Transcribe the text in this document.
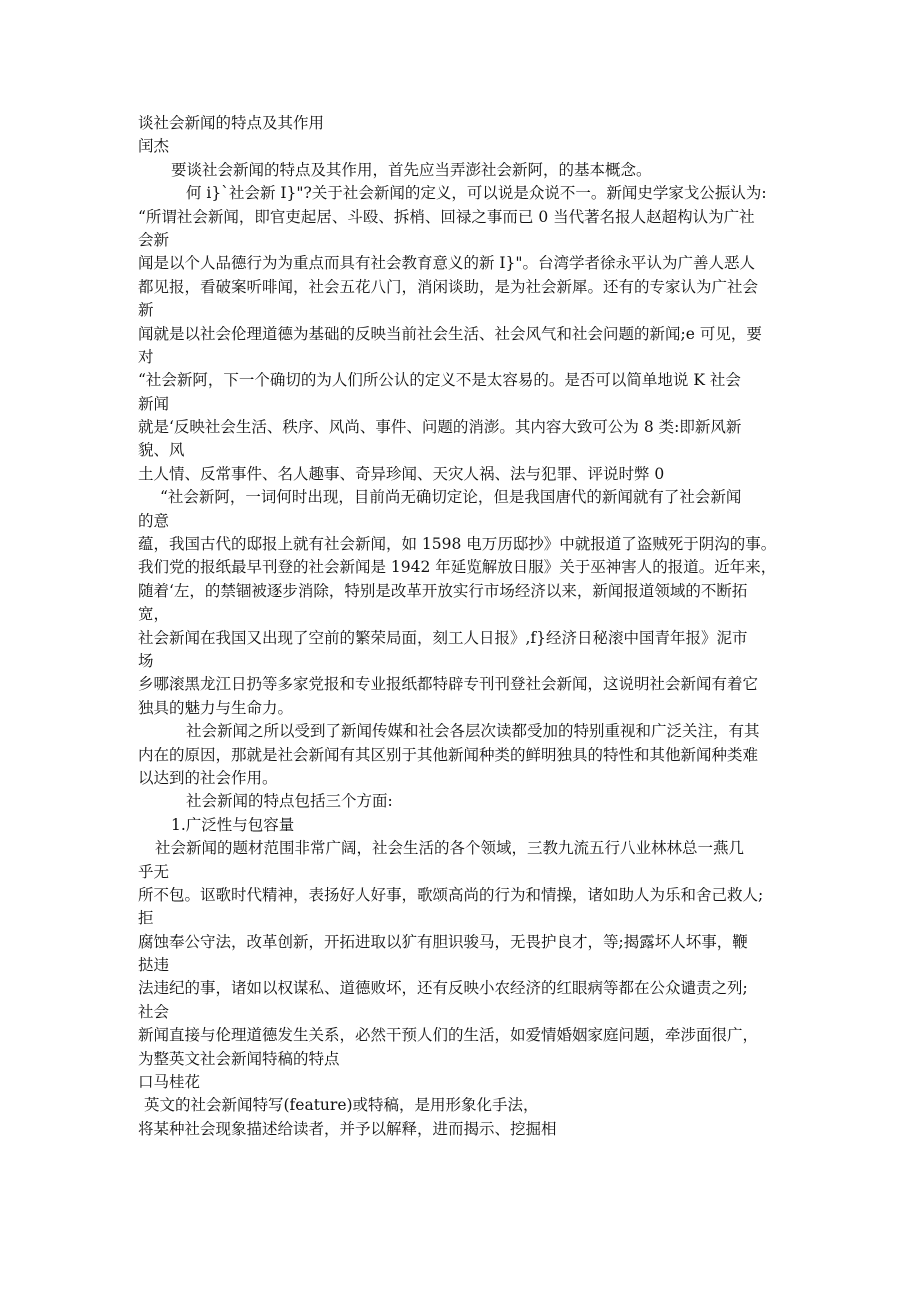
谈社会新闻的特点及其作用
闰杰
要谈社会新闻的特点及其作用，首先应当弄澎社会新阿，的基本概念。
何 i}`社会新 I}"?关于社会新闻的定义，可以说是众说不一。新闻史学家戈公振认为:
“所谓社会新闻，即官吏起居、斗殴、拆梢、回禄之事而已 0 当代著名报人赵超构认为广社
会新
闻是以个人品德行为为重点而具有社会教育意义的新 I}"。台湾学者徐永平认为广善人恶人
都见报，看破案听啡闻，社会五花八门，消闲谈助，是为社会新犀。还有的专家认为广社会
新
闻就是以社会伦理道德为基础的反映当前社会生活、社会风气和社会问题的新闻;e 可见，要
对
“社会新阿，下一个确切的为人们所公认的定义不是太容易的。是否可以简单地说 K 社会
新闻
就是‘反映社会生活、秩序、风尚、事件、问题的消澎。其内容大致可公为 8 类:即新风新
貌、风
土人情、反常事件、名人趣事、奇异珍闻、天灾人祸、法与犯罪、评说时弊 0
“社会新阿，一词何时出现，目前尚无确切定论，但是我国唐代的新闻就有了社会新闻
的意
蕴，我国古代的邸报上就有社会新闻，如 1598 电万历邸抄》中就报道了盗贼死于阴沟的事。
我们党的报纸最早刊登的社会新闻是 1942 年延览解放日服》关于巫神害人的报道。近年来，
随着‘左，的禁锢被逐步消除，特别是改革开放实行市场经济以来，新闻报道领域的不断拓
宽，
社会新闻在我国又出现了空前的繁荣局面，刻工人日报》,f}经济日秘滚中国青年报》泥市
场
乡哪滚黑龙江日扔等多家党报和专业报纸都特辟专刊刊登社会新闻，这说明社会新闻有着它
独具的魅力与生命力。
社会新闻之所以受到了新闻传媒和社会各层次读都受加的特别重视和广泛关注，有其
内在的原因，那就是社会新闻有其区别于其他新闻种类的鲜明独具的特性和其他新闻种类难
以达到的社会作用。
社会新闻的特点包括三个方面:
1.广泛性与包容量
社会新闻的题材范围非常广阔，社会生活的各个领域，三教九流五行八业林林总一燕几
乎无
所不包。讴歌时代精神，表扬好人好事，歌颂高尚的行为和情操，诸如助人为乐和舍己救人;
拒
腐蚀奉公守法，改革创新，开拓进取以犷有胆识骏马，无畏护良才，等;揭露坏人坏事，鞭
挞违
法违纪的事，诸如以权谋私、道德败坏，还有反映小农经济的红眼病等都在公众谴责之列;
社会
新闻直接与伦理道德发生关系，必然干预人们的生活，如爱情婚姻家庭问题，牵涉面很广，
为整英文社会新闻特稿的特点
口马桂花
英文的社会新闻特写(feature)或特稿，是用形象化手法，
将某种社会现象描述给读者，并予以解释，进而揭示、挖掘相
